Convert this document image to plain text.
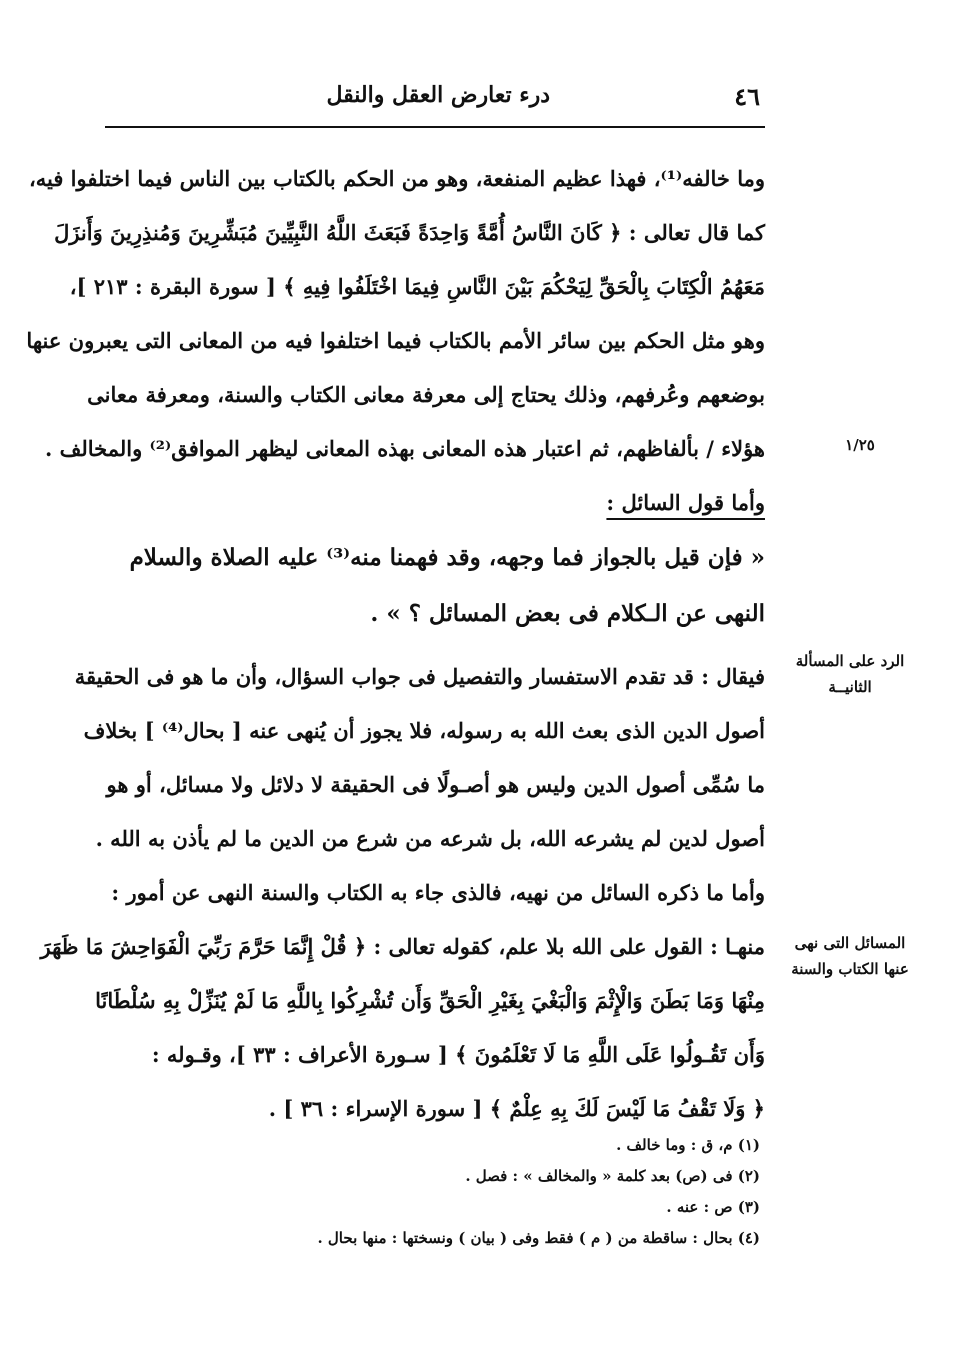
٤٦
درء تعارض العقل والنقل
١/٢٥
الرد على المسألة الثانيــة
المسائل التى نهى عنها الكتاب والسنة
وما خالفه⁽¹⁾، فهذا عظيم المنفعة، وهو من الحكم بالكتاب بين الناس فيما اختلفوا فيه،
كما قال تعالى : ﴿ كَانَ النَّاسُ أُمَّةً وَاحِدَةً فَبَعَثَ اللَّهُ النَّبِيِّينَ مُبَشِّرِينَ وَمُنذِرِينَ وَأَنزَلَ
مَعَهُمُ الْكِتَابَ بِالْحَقِّ لِيَحْكُمَ بَيْنَ النَّاسِ فِيمَا اخْتَلَفُوا فِيهِ ﴾ [ سورة البقرة : ٢١٣ ]،
وهو مثل الحكم بين سائر الأمم بالكتاب فيما اختلفوا فيه من المعانى التى يعبرون عنها
بوضعهم وعُرفهم، وذلك يحتاج إلى معرفة معانى الكتاب والسنة، ومعرفة معانى
هؤلاء / بألفاظهم، ثم اعتبار هذه المعانى بهذه المعانى ليظهر الموافق⁽²⁾ والمخالف .
وأما قول السائل :
« فإن قيل بالجواز فما وجهه، وقد فهمنا منه⁽³⁾ عليه الصلاة والسلام
النهى عن الـكلام فى بعض المسائل ؟ » .
فيقال : قد تقدم الاستفسار والتفصيل فى جواب السؤال، وأن ما هو فى الحقيقة
أصول الدين الذى بعث الله به رسوله، فلا يجوز أن يُنهى عنه [ بحال⁽⁴⁾ ] بخلاف
ما سُمِّى أصول الدين وليس هو أصـولًا فى الحقيقة لا دلائل ولا مسائل، أو هو
أصول لدين لم يشرعه الله، بل شرعه من شرع من الدين ما لم يأذن به الله .
وأما ما ذكره السائل من نهيه، فالذى جاء به الكتاب والسنة النهى عن أمور :
منهـا : القول على الله بلا علم، كقوله تعالى : ﴿ قُلْ إِنَّمَا حَرَّمَ رَبِّيَ الْفَوَاحِشَ مَا ظَهَرَ
مِنْهَا وَمَا بَطَنَ وَالْإِثْمَ وَالْبَغْيَ بِغَيْرِ الْحَقِّ وَأَن تُشْرِكُوا بِاللَّهِ مَا لَمْ يُنَزِّلْ بِهِ سُلْطَانًا
وَأَن تَقُـولُوا عَلَى اللَّهِ مَا لَا تَعْلَمُونَ ﴾ [ سـورة الأعراف : ٣٣ ]، وقـوله :
﴿ وَلَا تَقْفُ مَا لَيْسَ لَكَ بِهِ عِلْمٌ ﴾ [ سورة الإسراء : ٣٦ ] .
(١) م، ق : وما خالف .
(٢) فى (ص) بعد كلمة « والمخالف » : فصل .
(٣) ص : عنه .
(٤) بحال : ساقطة من ( م ) فقط وفى ( بيان ) ونسختها : منها بحال .
